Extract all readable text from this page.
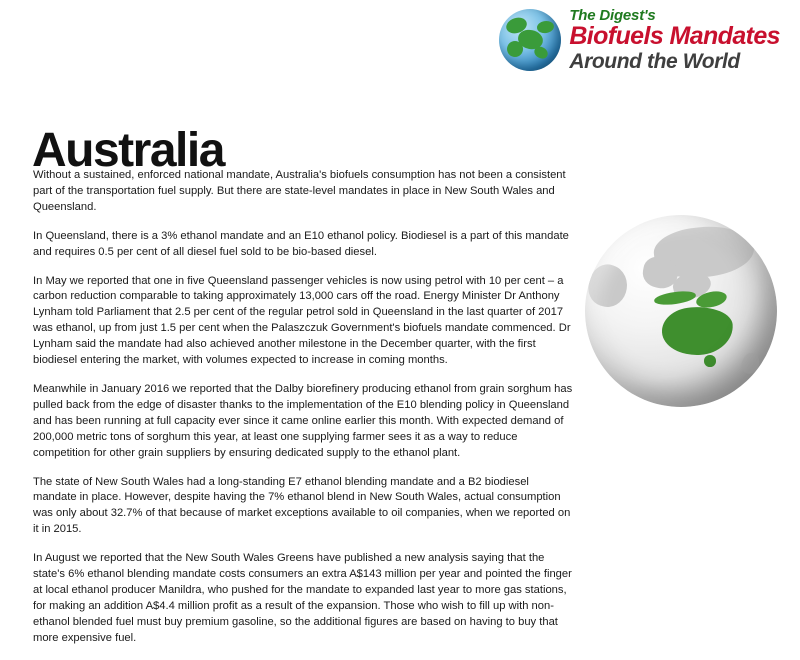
The Digest's
Biofuels Mandates
Around the World
Australia

Without a sustained, enforced national mandate, Australia's biofuels consumption has not been a consistent part of the transportation fuel supply. But there are state-level mandates in place in New South Wales and Queensland.

In Queensland, there is a 3% ethanol mandate and an E10 ethanol policy. Biodiesel is a part of this mandate and requires 0.5 per cent of all diesel fuel sold to be bio-based diesel.

In May we reported that one in five Queensland passenger vehicles is now using petrol with 10 per cent – a carbon reduction comparable to taking approximately 13,000 cars off the road. Energy Minister Dr Anthony Lynham told Parliament that 2.5 per cent of the regular petrol sold in Queensland in the last quarter of 2017 was ethanol, up from just 1.5 per cent when the Palaszczuk Government's biofuels mandate commenced. Dr Lynham said the mandate had also achieved another milestone in the December quarter, with the first biodiesel entering the market, with volumes expected to increase in coming months.

Meanwhile in January 2016 we reported that the Dalby biorefinery producing ethanol from grain sorghum has pulled back from the edge of disaster thanks to the implementation of the E10 blending policy in Queensland and has been running at full capacity ever since it came online earlier this month. With expected demand of 200,000 metric tons of sorghum this year, at least one supplying farmer sees it as a way to reduce competition for other grain suppliers by ensuring dedicated supply to the ethanol plant.

The state of New South Wales had a long-standing E7 ethanol blending mandate and a B2 biodiesel mandate in place. However, despite having the 7% ethanol blend in New South Wales, actual consumption was only about 32.7% of that because of market exceptions available to oil companies, when we reported on it in 2015.

In August we reported that the New South Wales Greens have published a new analysis saying that the state's 6% ethanol blending mandate costs consumers an extra A$143 million per year and pointed the finger at local ethanol producer Manildra, who pushed for the mandate to expanded last year to more gas stations, for making an addition A$4.4 million profit as a result of the expansion. Those who wish to fill up with non-ethanol blended fuel must buy premium gasoline, so the additional figures are based on having to buy that more expensive fuel.
